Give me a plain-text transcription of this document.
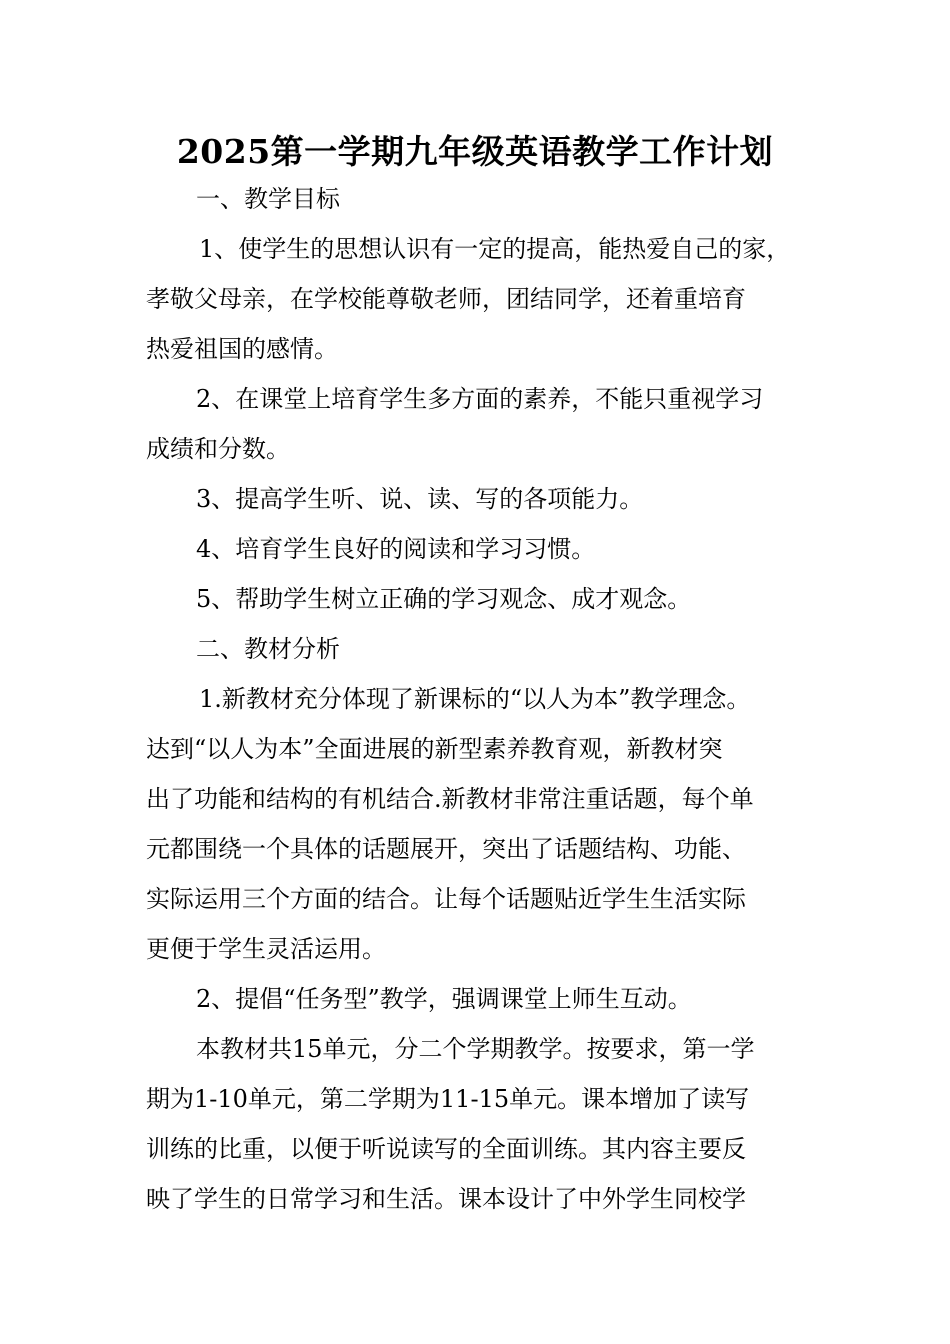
2025第一学期九年级英语教学工作计划

一、教学目标

1、使学生的思想认识有一定的提高，能热爱自己的家，

孝敬父母亲，在学校能尊敬老师，团结同学，还着重培育

热爱祖国的感情。

2、在课堂上培育学生多方面的素养，不能只重视学习

成绩和分数。

3、提高学生听、说、读、写的各项能力。

4、培育学生良好的阅读和学习习惯。

5、帮助学生树立正确的学习观念、成才观念。

二、教材分析

1.新教材充分体现了新课标的“以人为本”教学理念。

达到“以人为本”全面进展的新型素养教育观，新教材突

出了功能和结构的有机结合.新教材非常注重话题，每个单

元都围绕一个具体的话题展开，突出了话题结构、功能、

实际运用三个方面的结合。让每个话题贴近学生生活实际

更便于学生灵活运用。

2、提倡“任务型”教学，强调课堂上师生互动。

本教材共15单元，分二个学期教学。按要求，第一学

期为1-10单元，第二学期为11-15单元。课本增加了读写

训练的比重，以便于听说读写的全面训练。其内容主要反

映了学生的日常学习和生活。课本设计了中外学生同校学
